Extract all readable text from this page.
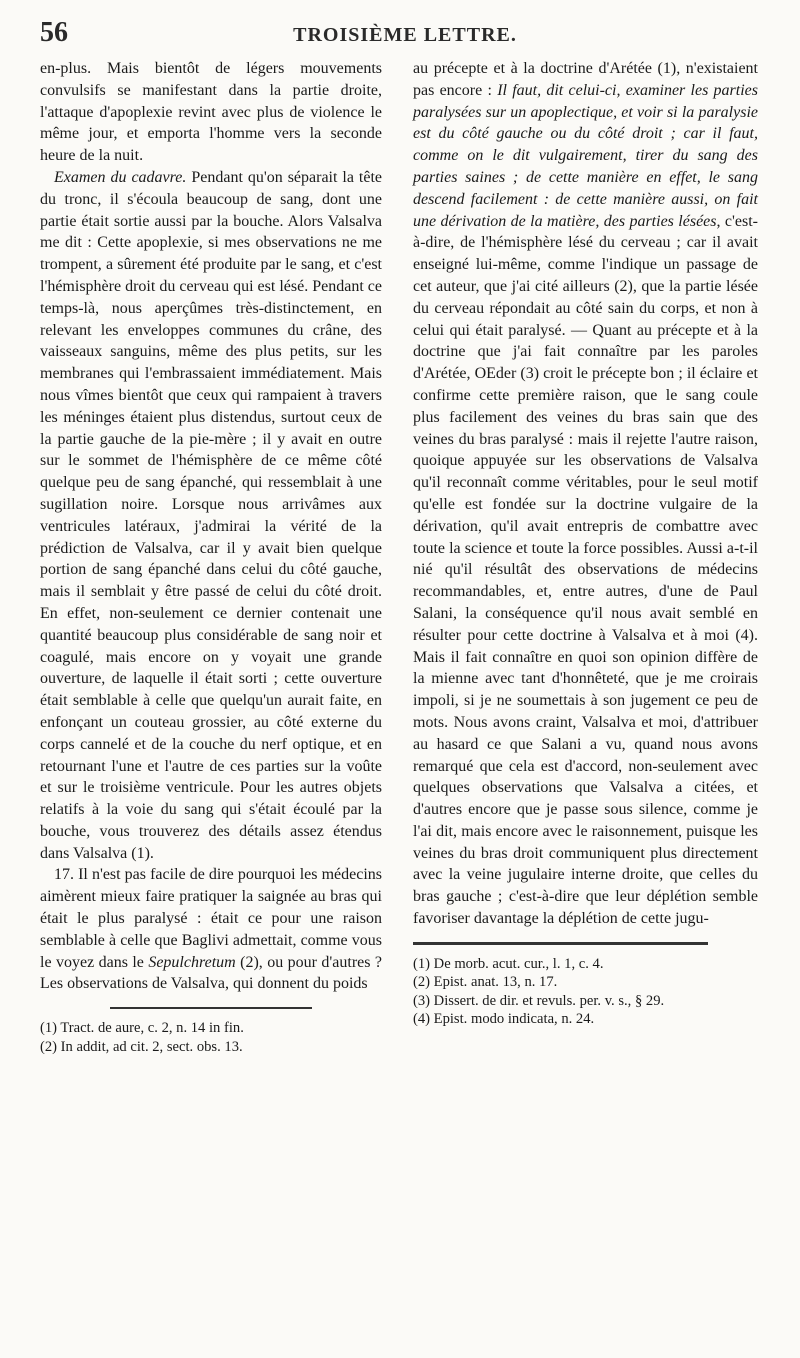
56	TROISIÈME LETTRE.

en-plus. Mais bientôt de légers mouvements convulsifs se manifestant dans la partie droite, l'attaque d'apoplexie revint avec plus de violence le même jour, et emporta l'homme vers la seconde heure de la nuit.

Examen du cadavre. Pendant qu'on séparait la tête du tronc, il s'écoula beaucoup de sang, dont une partie était sortie aussi par la bouche. Alors Valsalva me dit : Cette apoplexie, si mes observations ne me trompent, a sûrement été produite par le sang, et c'est l'hémisphère droit du cerveau qui est lésé. Pendant ce temps-là, nous aperçûmes très-distinctement, en relevant les enveloppes communes du crâne, des vaisseaux sanguins, même des plus petits, sur les membranes qui l'embrassaient immédiatement. Mais nous vîmes bientôt que ceux qui rampaient à travers les méninges étaient plus distendus, surtout ceux de la partie gauche de la pie-mère ; il y avait en outre sur le sommet de l'hémisphère de ce même côté quelque peu de sang épanché, qui ressemblait à une sugillation noire. Lorsque nous arrivâmes aux ventricules latéraux, j'admirai la vérité de la prédiction de Valsalva, car il y avait bien quelque portion de sang épanché dans celui du côté gauche, mais il semblait y être passé de celui du côté droit. En effet, non-seulement ce dernier contenait une quantité beaucoup plus considérable de sang noir et coagulé, mais encore on y voyait une grande ouverture, de laquelle il était sorti ; cette ouverture était semblable à celle que quelqu'un aurait faite, en enfonçant un couteau grossier, au côté externe du corps cannelé et de la couche du nerf optique, et en retournant l'une et l'autre de ces parties sur la voûte et sur le troisième ventricule. Pour les autres objets relatifs à la voie du sang qui s'était écoulé par la bouche, vous trouverez des détails assez étendus dans Valsalva (1).

17. Il n'est pas facile de dire pourquoi les médecins aimèrent mieux faire pratiquer la saignée au bras qui était le plus paralysé : était ce pour une raison semblable à celle que Baglivi admettait, comme vous le voyez dans le Sepulchretum (2), ou pour d'autres ? Les observations de Valsalva, qui donnent du poids

(1) Tract. de aure, c. 2, n. 14 in fin.
(2) In addit, ad cit. 2, sect. obs. 13.

au précepte et à la doctrine d'Arétée (1), n'existaient pas encore : Il faut, dit celui-ci, examiner les parties paralysées sur un apoplectique, et voir si la paralysie est du côté gauche ou du côté droit ; car il faut, comme on le dit vulgairement, tirer du sang des parties saines ; de cette manière en effet, le sang descend facilement : de cette manière aussi, on fait une dérivation de la matière, des parties lésées, c'est-à-dire, de l'hémisphère lésé du cerveau ; car il avait enseigné lui-même, comme l'indique un passage de cet auteur, que j'ai cité ailleurs (2), que la partie lésée du cerveau répondait au côté sain du corps, et non à celui qui était paralysé. — Quant au précepte et à la doctrine que j'ai fait connaître par les paroles d'Arétée, OEder (3) croit le précepte bon ; il éclaire et confirme cette première raison, que le sang coule plus facilement des veines du bras sain que des veines du bras paralysé : mais il rejette l'autre raison, quoique appuyée sur les observations de Valsalva qu'il reconnaît comme véritables, pour le seul motif qu'elle est fondée sur la doctrine vulgaire de la dérivation, qu'il avait entrepris de combattre avec toute la science et toute la force possibles. Aussi a-t-il nié qu'il résultât des observations de médecins recommandables, et, entre autres, d'une de Paul Salani, la conséquence qu'il nous avait semblé en résulter pour cette doctrine à Valsalva et à moi (4). Mais il fait connaître en quoi son opinion diffère de la mienne avec tant d'honnêteté, que je me croirais impoli, si je ne soumettais à son jugement ce peu de mots. Nous avons craint, Valsalva et moi, d'attribuer au hasard ce que Salani a vu, quand nous avons remarqué que cela est d'accord, non-seulement avec quelques observations que Valsalva a citées, et d'autres encore que je passe sous silence, comme je l'ai dit, mais encore avec le raisonnement, puisque les veines du bras droit communiquent plus directement avec la veine jugulaire interne droite, que celles du bras gauche ; c'est-à-dire que leur déplétion semble favoriser davantage la déplétion de cette jugu-

(1) De morb. acut. cur., l. 1, c. 4.
(2) Epist. anat. 13, n. 17.
(3) Dissert. de dir. et revuls. per. v. s., § 29.
(4) Epist. modo indicata, n. 24.
